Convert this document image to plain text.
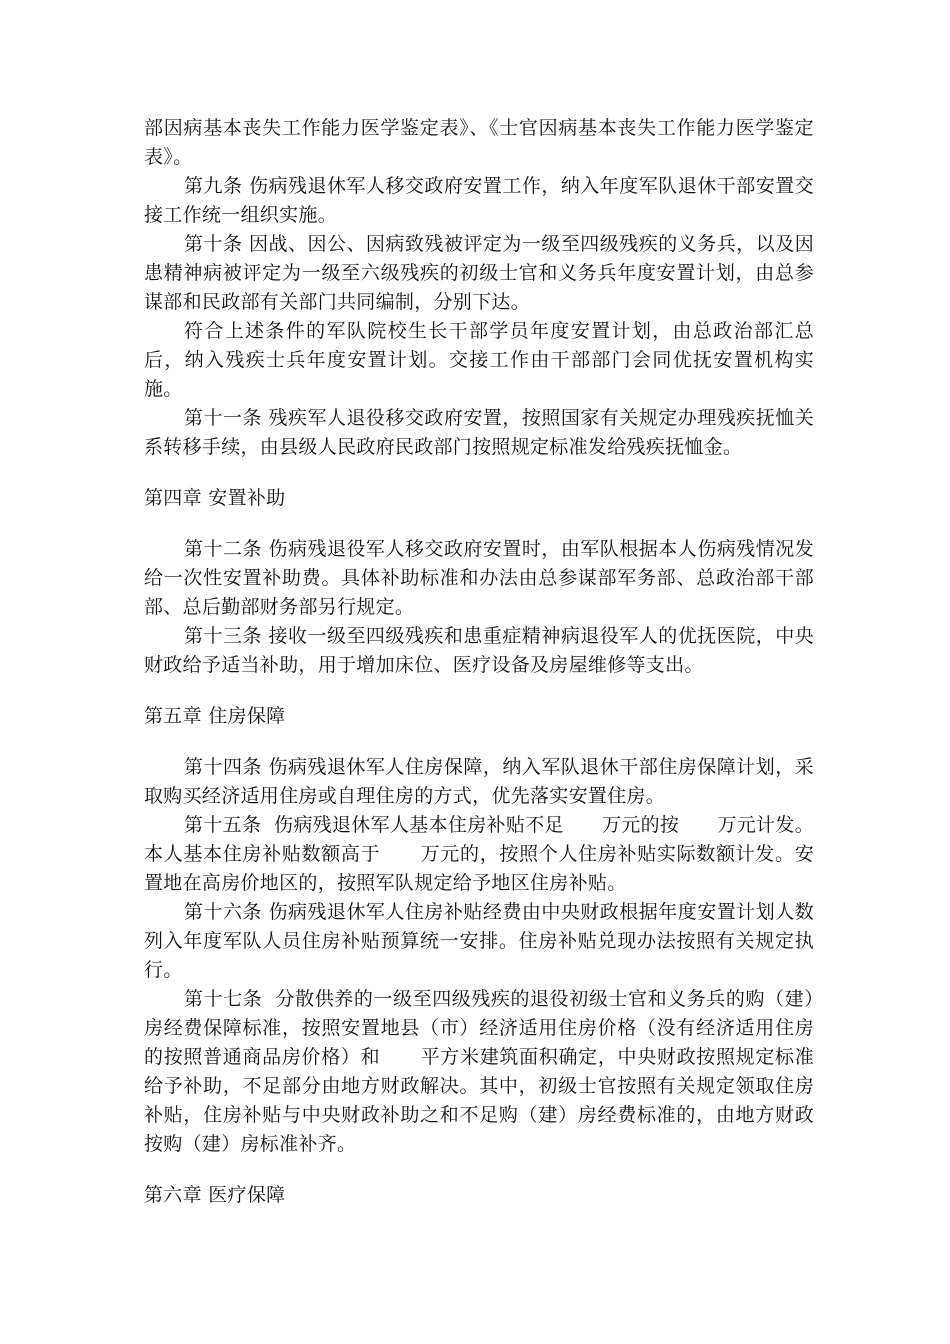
部因病基本丧失工作能力医学鉴定表》、《士官因病基本丧失工作能力医学鉴定表》。

第九条 伤病残退休军人移交政府安置工作，纳入年度军队退休干部安置交接工作统一组织实施。

第十条 因战、因公、因病致残被评定为一级至四级残疾的义务兵，以及因患精神病被评定为一级至六级残疾的初级士官和义务兵年度安置计划，由总参谋部和民政部有关部门共同编制，分别下达。

符合上述条件的军队院校生长干部学员年度安置计划，由总政治部汇总后，纳入残疾士兵年度安置计划。交接工作由干部部门会同优抚安置机构实施。

第十一条 残疾军人退役移交政府安置，按照国家有关规定办理残疾抚恤关系转移手续，由县级人民政府民政部门按照规定标准发给残疾抚恤金。

第四章 安置补助

第十二条 伤病残退役军人移交政府安置时，由军队根据本人伤病残情况发给一次性安置补助费。具体补助标准和办法由总参谋部军务部、总政治部干部部、总后勤部财务部另行规定。

第十三条 接收一级至四级残疾和患重症精神病退役军人的优抚医院，中央财政给予适当补助，用于增加床位、医疗设备及房屋维修等支出。

第五章 住房保障

第十四条 伤病残退休军人住房保障，纳入军队退休干部住房保障计划，采取购买经济适用住房或自理住房的方式，优先落实安置住房。

第十五条  伤病残退休军人基本住房补贴不足      万元的按      万元计发。本人基本住房补贴数额高于      万元的，按照个人住房补贴实际数额计发。安置地在高房价地区的，按照军队规定给予地区住房补贴。

第十六条 伤病残退休军人住房补贴经费由中央财政根据年度安置计划人数列入年度军队人员住房补贴预算统一安排。住房补贴兑现办法按照有关规定执行。

第十七条  分散供养的一级至四级残疾的退役初级士官和义务兵的购（建）房经费保障标准，按照安置地县（市）经济适用住房价格（没有经济适用住房的按照普通商品房价格）和      平方米建筑面积确定，中央财政按照规定标准给予补助，不足部分由地方财政解决。其中，初级士官按照有关规定领取住房补贴，住房补贴与中央财政补助之和不足购（建）房经费标准的，由地方财政按购（建）房标准补齐。

第六章 医疗保障
